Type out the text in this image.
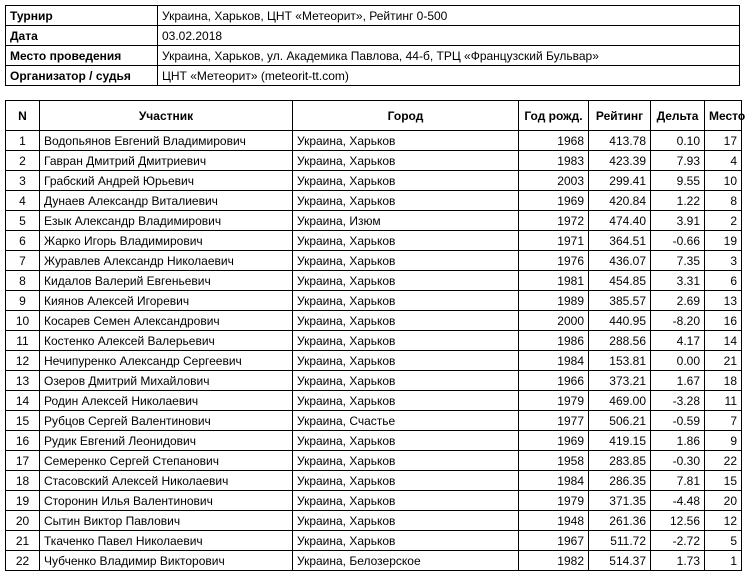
Турнир	Украина, Харьков, ЦНТ «Метеорит», Рейтинг 0-500
Дата	03.02.2018
Место проведения	Украина, Харьков, ул. Академика Павлова, 44-б, ТРЦ «Французский Бульвар»
Организатор / судья	ЦНТ «Метеорит» (meteorit-tt.com)
N	Участник	Город	Год рожд.	Рейтинг	Дельта	Место
1	Водопьянов Евгений Владимирович	Украина, Харьков	1968	413.78	0.10	17
2	Гавран Дмитрий Дмитриевич	Украина, Харьков	1983	423.39	7.93	4
3	Грабский Андрей Юрьевич	Украина, Харьков	2003	299.41	9.55	10
4	Дунаев Александр Виталиевич	Украина, Харьков	1969	420.84	1.22	8
5	Езык Александр Владимирович	Украина, Изюм	1972	474.40	3.91	2
6	Жарко Игорь Владимирович	Украина, Харьков	1971	364.51	-0.66	19
7	Журавлев Александр Николаевич	Украина, Харьков	1976	436.07	7.35	3
8	Кидалов Валерий Евгеньевич	Украина, Харьков	1981	454.85	3.31	6
9	Киянов Алексей Игоревич	Украина, Харьков	1989	385.57	2.69	13
10	Косарев Семен Александрович	Украина, Харьков	2000	440.95	-8.20	16
11	Костенко Алексей Валерьевич	Украина, Харьков	1986	288.56	4.17	14
12	Нечипуренко Александр Сергеевич	Украина, Харьков	1984	153.81	0.00	21
13	Озеров Дмитрий Михайлович	Украина, Харьков	1966	373.21	1.67	18
14	Родин Алексей Николаевич	Украина, Харьков	1979	469.00	-3.28	11
15	Рубцов Сергей Валентинович	Украина, Счастье	1977	506.21	-0.59	7
16	Рудик Евгений Леонидович	Украина, Харьков	1969	419.15	1.86	9
17	Семеренко Сергей Степанович	Украина, Харьков	1958	283.85	-0.30	22
18	Стасовский Алексей Николаевич	Украина, Харьков	1984	286.35	7.81	15
19	Сторонин Илья Валентинович	Украина, Харьков	1979	371.35	-4.48	20
20	Сытин Виктор Павлович	Украина, Харьков	1948	261.36	12.56	12
21	Ткаченко Павел Николаевич	Украина, Харьков	1967	511.72	-2.72	5
22	Чубченко Владимир Викторович	Украина, Белозерское	1982	514.37	1.73	1
